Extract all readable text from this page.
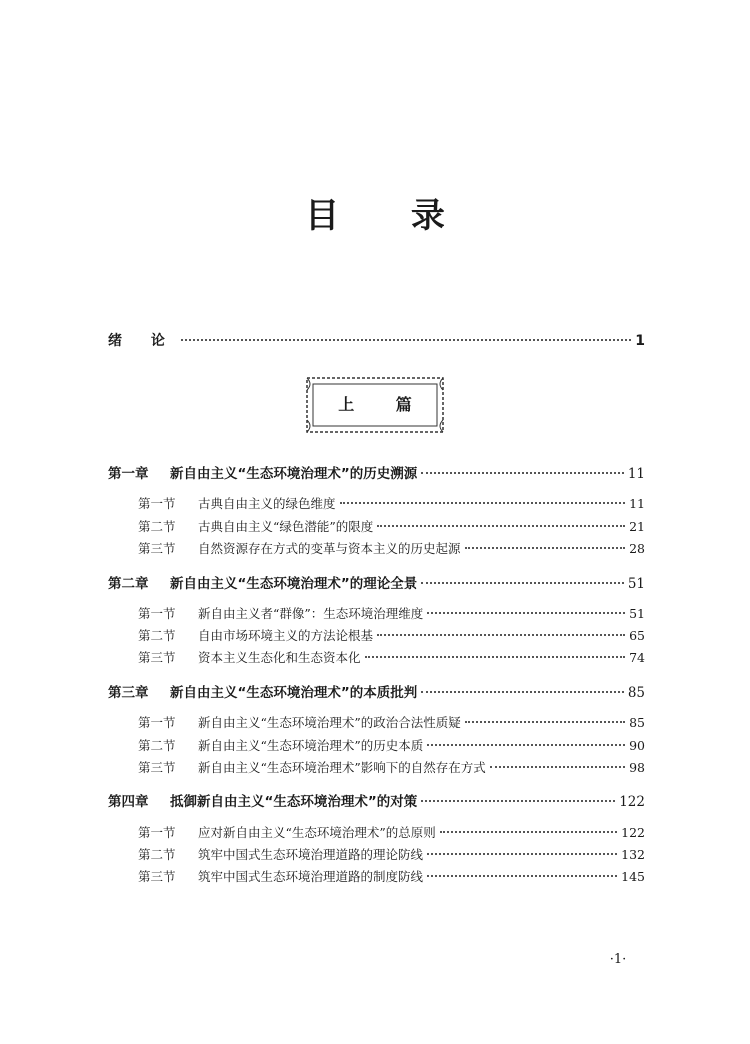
目 录
绪 论	1
上 篇
第一章 新自由主义“生态环境治理术”的历史溯源	11
第一节 古典自由主义的绿色维度	11
第二节 古典自由主义“绿色潜能”的限度	21
第三节 自然资源存在方式的变革与资本主义的历史起源	28
第二章 新自由主义“生态环境治理术”的理论全景	51
第一节 新自由主义者“群像”：生态环境治理维度	51
第二节 自由市场环境主义的方法论根基	65
第三节 资本主义生态化和生态资本化	74
第三章 新自由主义“生态环境治理术”的本质批判	85
第一节 新自由主义“生态环境治理术”的政治合法性质疑	85
第二节 新自由主义“生态环境治理术”的历史本质	90
第三节 新自由主义“生态环境治理术”影响下的自然存在方式	98
第四章 抵御新自由主义“生态环境治理术”的对策	122
第一节 应对新自由主义“生态环境治理术”的总原则	122
第二节 筑牢中国式生态环境治理道路的理论防线	132
第三节 筑牢中国式生态环境治理道路的制度防线	145
·1·
